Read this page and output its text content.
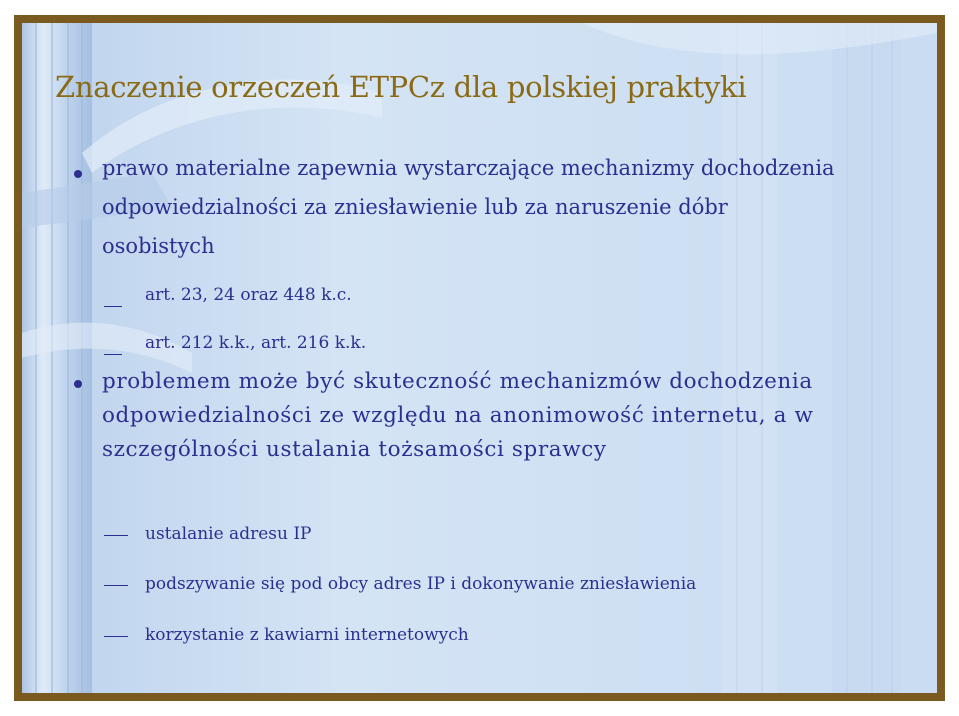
Znaczenie orzeczeń ETPCz dla polskiej praktyki

prawo materialne zapewnia wystarczające mechanizmy dochodzenia odpowiedzialności za zniesławienie lub za naruszenie dóbr osobistych

art. 23, 24 oraz 448 k.c.
art. 212 k.k., art. 216 k.k.

problemem może być skuteczność mechanizmów dochodzenia odpowiedzialności ze względu na anonimowość internetu, a w szczególności ustalania tożsamości sprawcy

ustalanie adresu IP
podszywanie się pod obcy adres IP i dokonywanie zniesławienia
korzystanie z kawiarni internetowych
